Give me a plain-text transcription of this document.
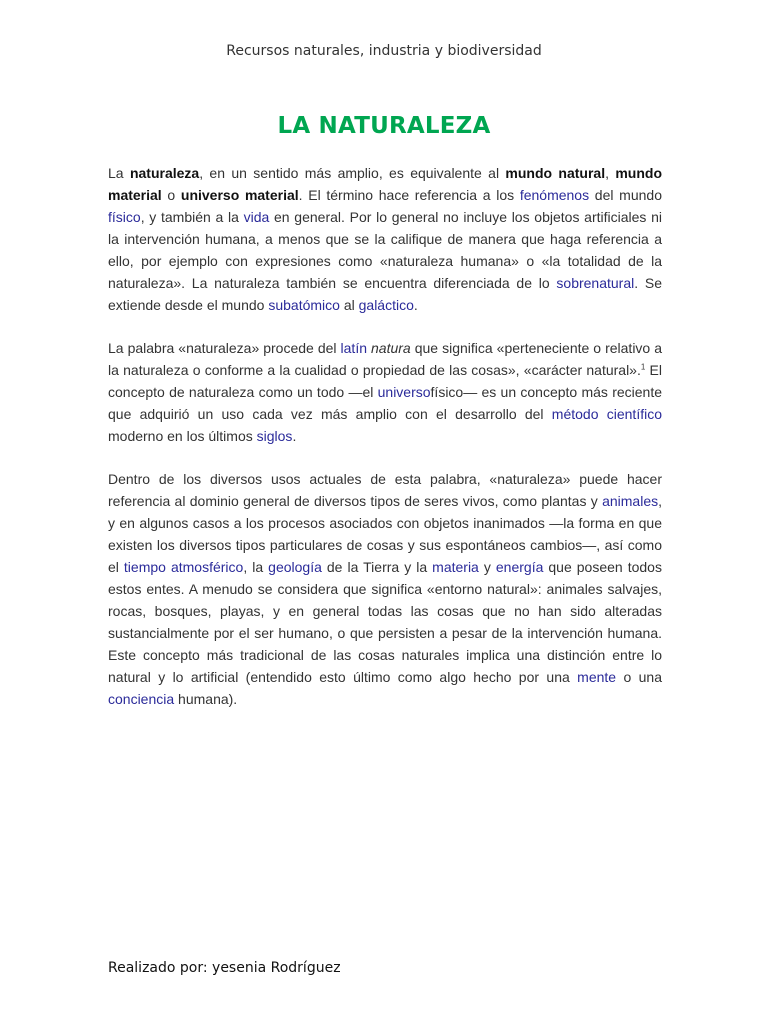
Recursos naturales, industria y biodiversidad
LA NATURALEZA

La naturaleza, en un sentido más amplio, es equivalente al mundo natural, mundo material o universo material. El término hace referencia a los fenómenos del mundo físico, y también a la vida en general. Por lo general no incluye los objetos artificiales ni la intervención humana, a menos que se la califique de manera que haga referencia a ello, por ejemplo con expresiones como «naturaleza humana» o «la totalidad de la naturaleza». La naturaleza también se encuentra diferenciada de lo sobrenatural. Se extiende desde el mundo subatómico al galáctico.

La palabra «naturaleza» procede del latín natura que significa «perteneciente o relativo a la naturaleza o conforme a la cualidad o propiedad de las cosas», «carácter natural».$^1$ El concepto de naturaleza como un todo —el universofísico— es un concepto más reciente que adquirió un uso cada vez más amplio con el desarrollo del método científico moderno en los últimos siglos.

Dentro de los diversos usos actuales de esta palabra, «naturaleza» puede hacer referencia al dominio general de diversos tipos de seres vivos, como plantas y animales, y en algunos casos a los procesos asociados con objetos inanimados —la forma en que existen los diversos tipos particulares de cosas y sus espontáneos cambios—, así como el tiempo atmosférico, la geología de la Tierra y la materia y energía que poseen todos estos entes. A menudo se considera que significa «entorno natural»: animales salvajes, rocas, bosques, playas, y en general todas las cosas que no han sido alteradas sustancialmente por el ser humano, o que persisten a pesar de la intervención humana. Este concepto más tradicional de las cosas naturales implica una distinción entre lo natural y lo artificial (entendido esto último como algo hecho por una mente o una conciencia humana).

Realizado por: yesenia Rodríguez
